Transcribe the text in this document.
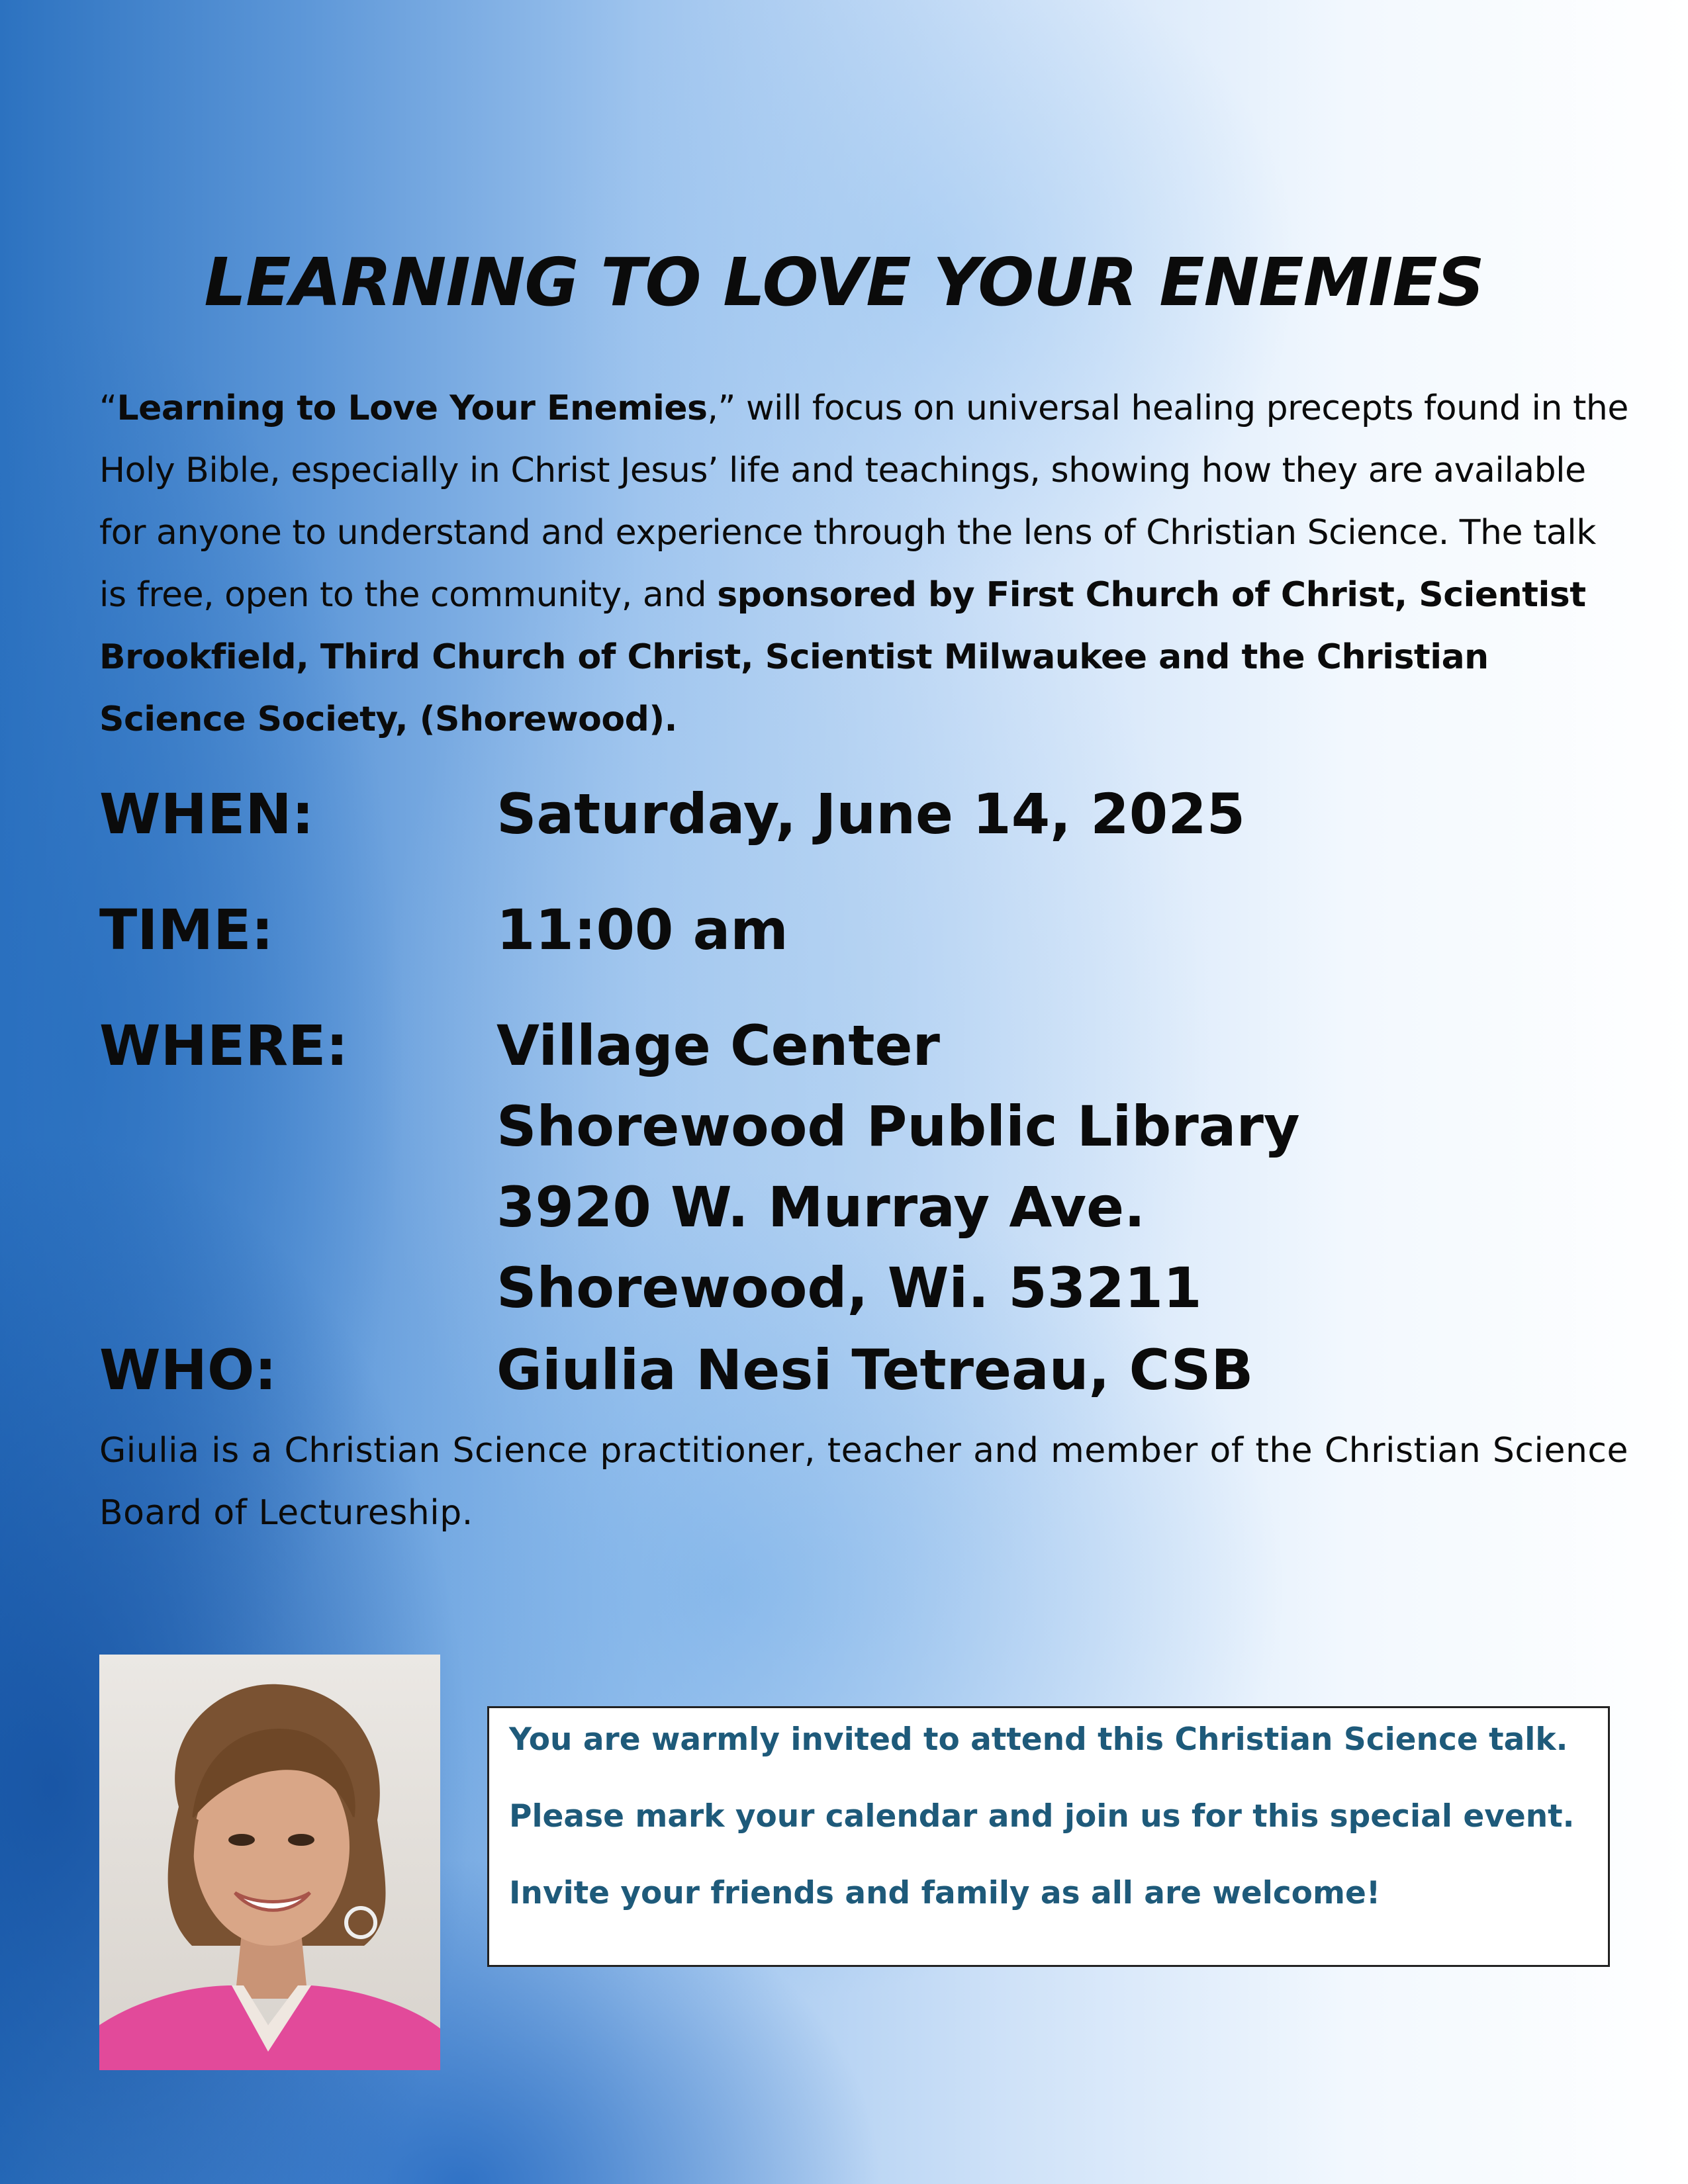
LEARNING TO LOVE YOUR ENEMIES

“Learning to Love Your Enemies,” will focus on universal healing precepts found in the Holy Bible, especially in Christ Jesus’ life and teachings, showing how they are available for anyone to understand and experience through the lens of Christian Science. The talk is free, open to the community, and sponsored by First Church of Christ, Scientist Brookfield, Third Church of Christ, Scientist Milwaukee and the Christian Science Society, (Shorewood).

WHEN:	Saturday, June 14, 2025
TIME:	11:00 am
WHERE:	Village Center
Shorewood Public Library
3920 W. Murray Ave.
Shorewood, Wi. 53211
WHO:	Giulia Nesi Tetreau, CSB

Giulia is a Christian Science practitioner, teacher and member of the Christian Science Board of Lectureship.

You are warmly invited to attend this Christian Science talk.

Please mark your calendar and join us for this special event.

Invite your friends and family as all are welcome!
